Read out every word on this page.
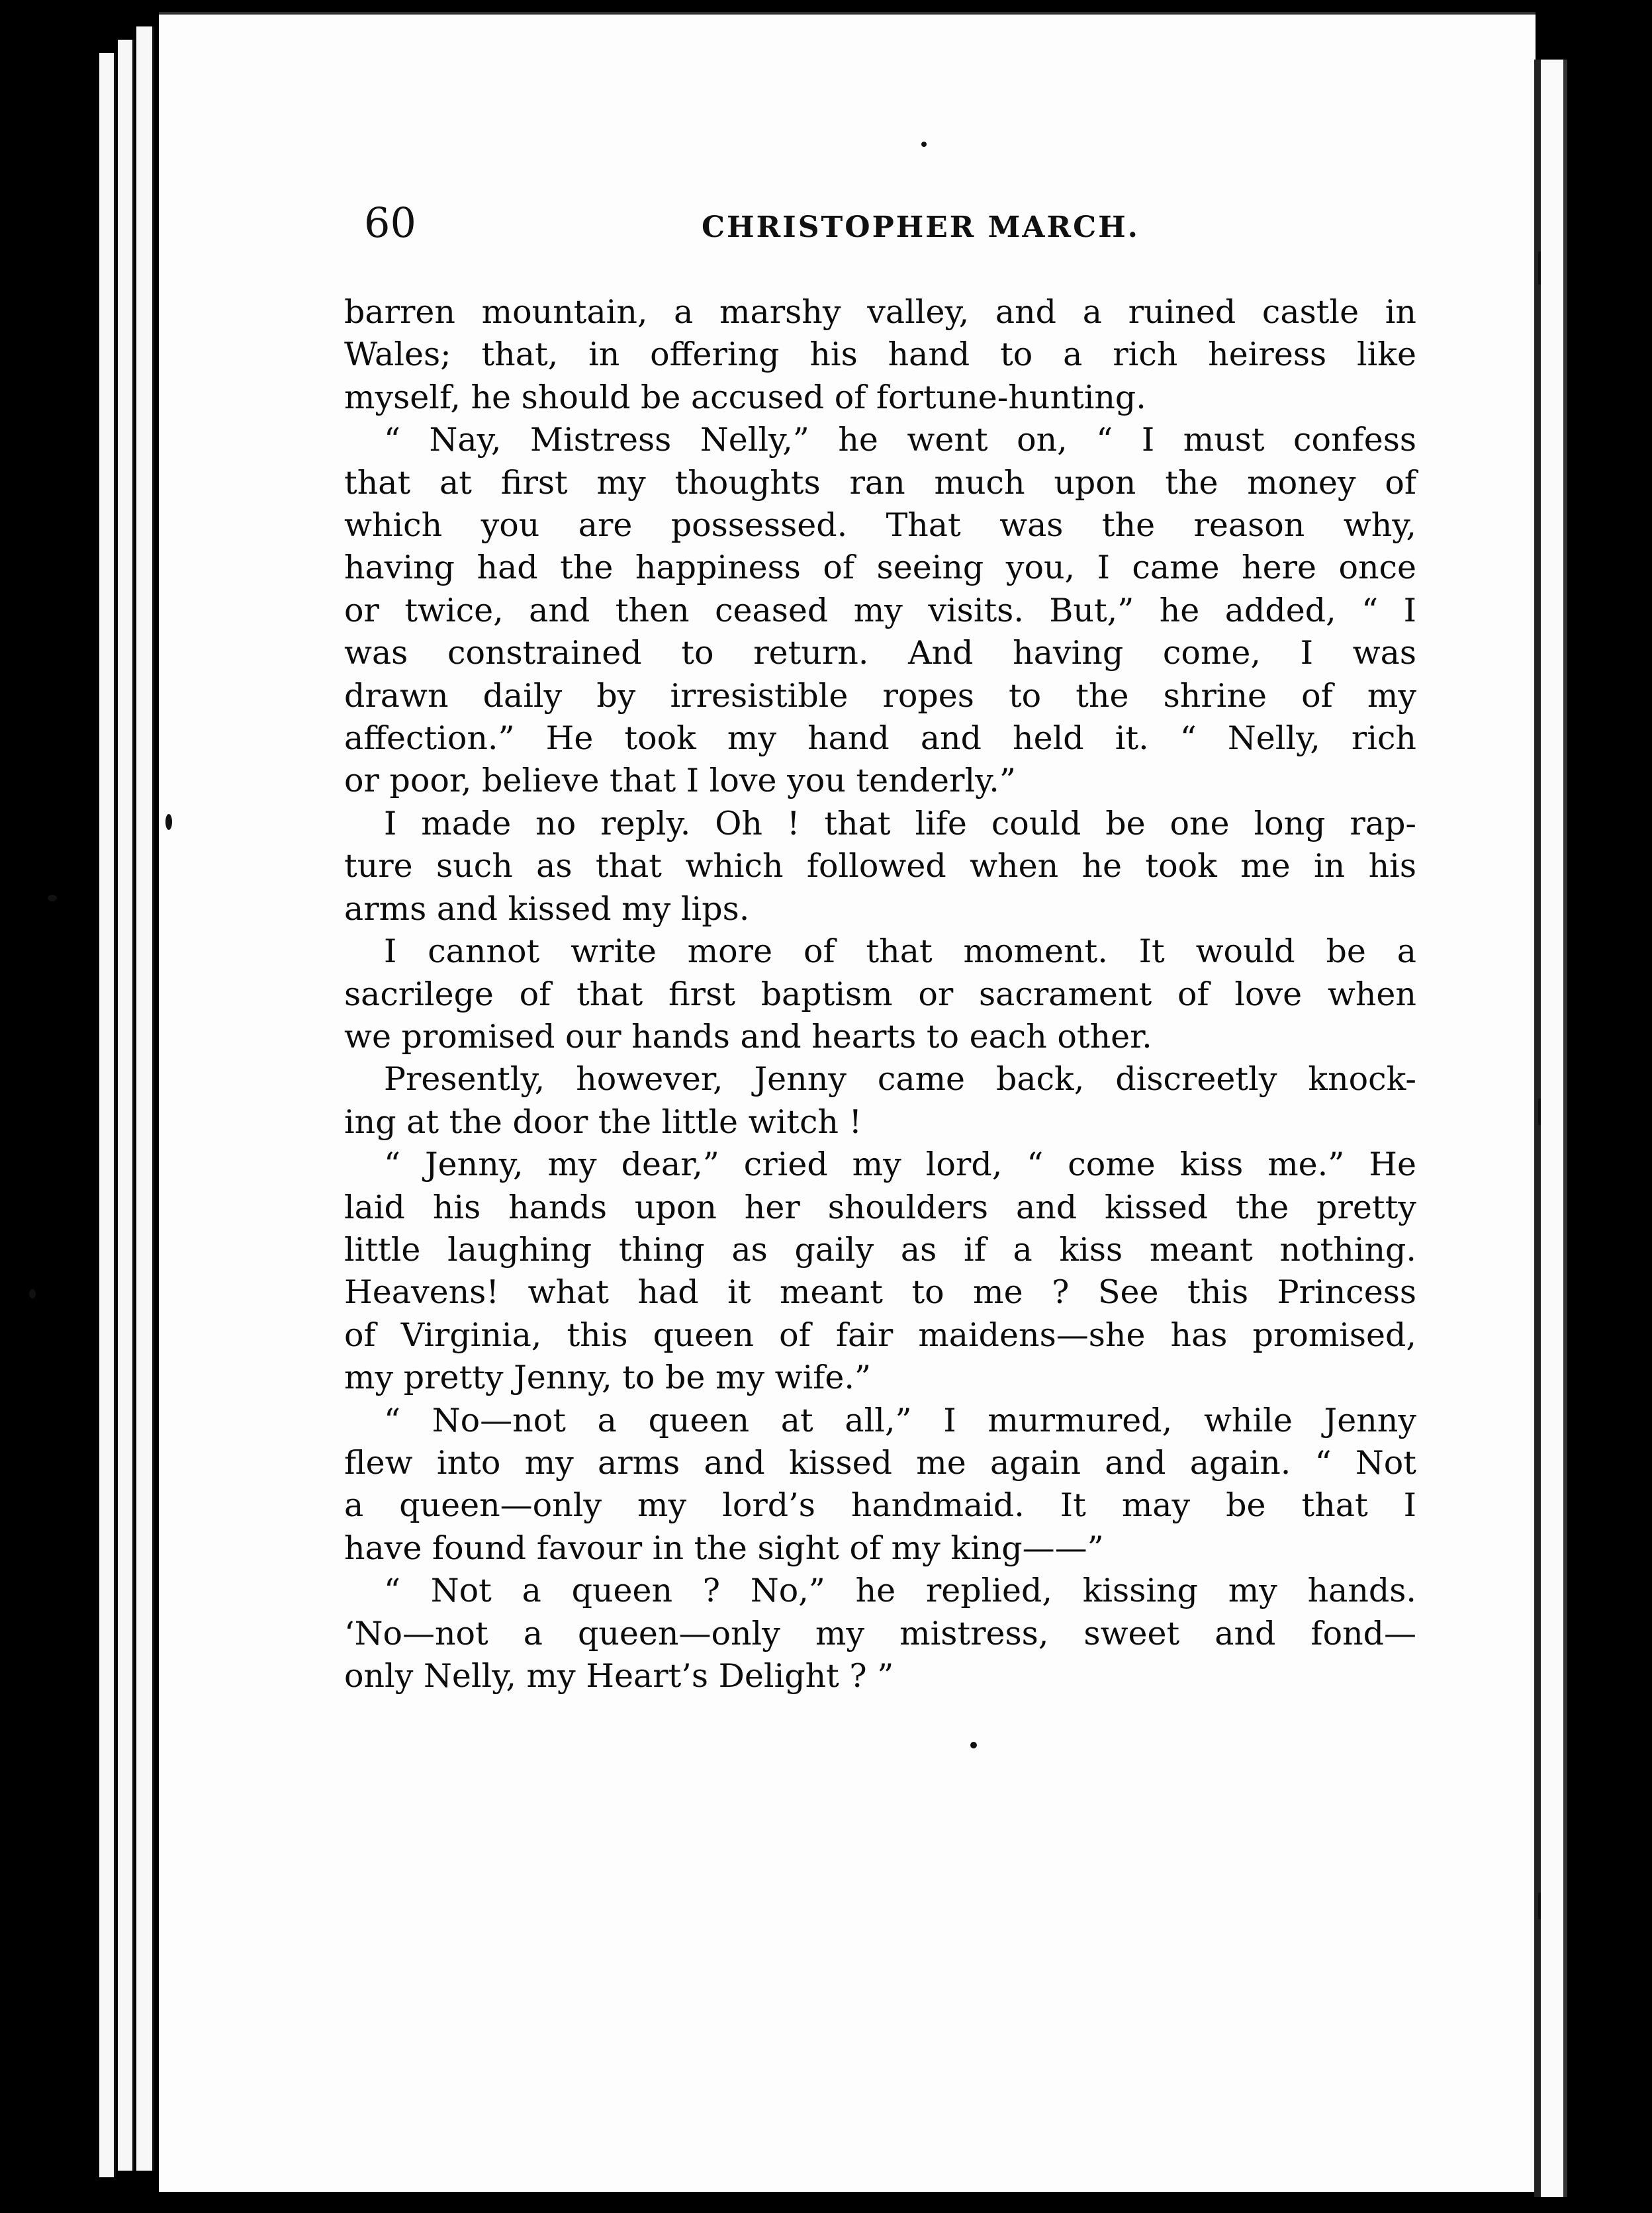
60	CHRISTOPHER MARCH.
barren mountain, a marshy valley, and a ruined castle in
Wales; that, in offering his hand to a rich heiress like
myself, he should be accused of fortune-hunting.
“ Nay, Mistress Nelly,” he went on, “ I must confess
that at first my thoughts ran much upon the money of
which you are possessed. That was the reason why,
having had the happiness of seeing you, I came here once
or twice, and then ceased my visits. But,” he added, “ I
was constrained to return. And having come, I was
drawn daily by irresistible ropes to the shrine of my
affection.” He took my hand and held it. “ Nelly, rich
or poor, believe that I love you tenderly.”
I made no reply. Oh ! that life could be one long rap-
ture such as that which followed when he took me in his
arms and kissed my lips.
I cannot write more of that moment. It would be a
sacrilege of that first baptism or sacrament of love when
we promised our hands and hearts to each other.
Presently, however, Jenny came back, discreetly knock-
ing at the door the little witch !
“ Jenny, my dear,” cried my lord, “ come kiss me.” He
laid his hands upon her shoulders and kissed the pretty
little laughing thing as gaily as if a kiss meant nothing.
Heavens! what had it meant to me ? See this Princess
of Virginia, this queen of fair maidens—she has promised,
my pretty Jenny, to be my wife.”
“ No—not a queen at all,” I murmured, while Jenny
flew into my arms and kissed me again and again. “ Not
a queen—only my lord’s handmaid. It may be that I
have found favour in the sight of my king——”
“ Not a queen ? No,” he replied, kissing my hands.
‘No—not a queen—only my mistress, sweet and fond—
only Nelly, my Heart’s Delight ? ”
